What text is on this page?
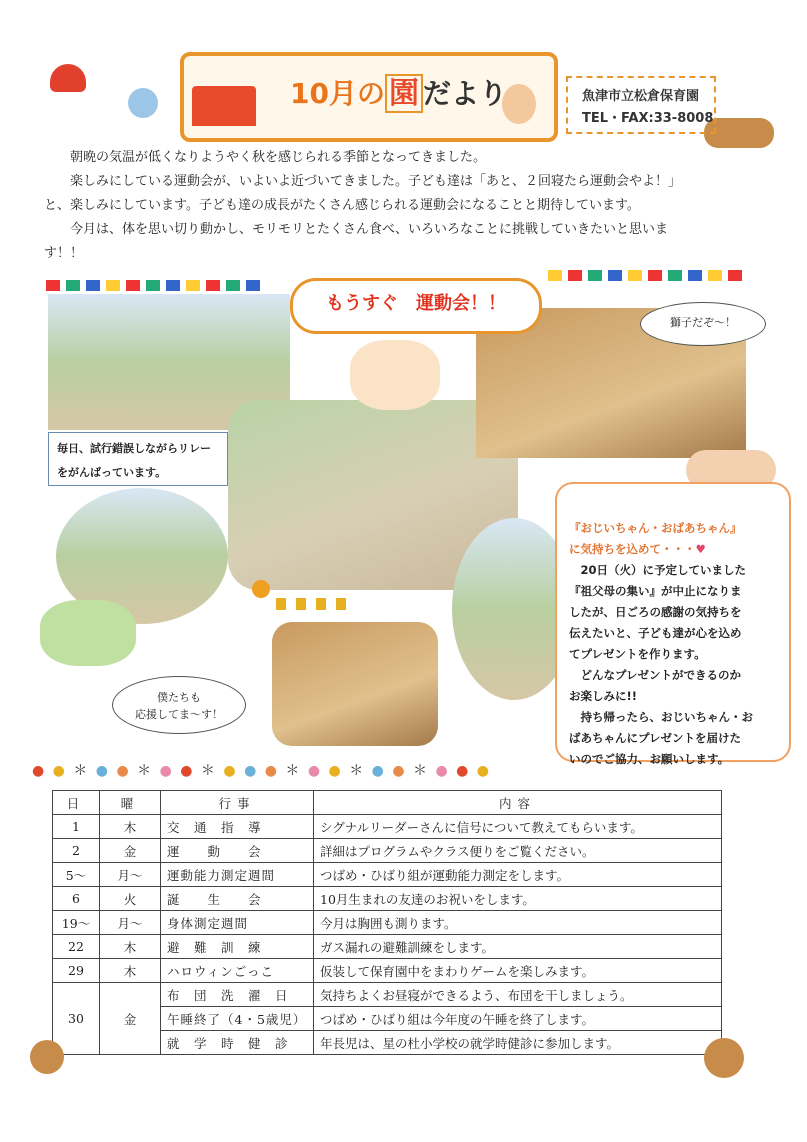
10月の 園 だより	魚津市立松倉保育園
TEL・FAX:33-8008

朝晩の気温が低くなりようやく秋を感じられる季節となってきました。

楽しみにしている運動会が、いよいよ近づいてきました。子ども達は「あと、２回寝たら運動会やよ！」

と、楽しみにしています。子ども達の成長がたくさん感じられる運動会になることと期待しています。

今月は、体を思い切り動かし、モリモリとたくさん食べ、いろいろなことに挑戦していきたいと思いま

す！！

毎日、試行錯誤しながらリレー
をがんばっています。
もうすぐ　運動会！！
獅子だぞ〜！
僕たちも
応援してま〜す！

『おじいちゃん・おばあちゃん』

に気持ちを込めて・・・♥

　20日（火）に予定していました

『祖父母の集い』が中止になりま

したが、日ごろの感謝の気持ちを

伝えたいと、子ども達が心を込め

てプレゼントを作ります。

　どんなプレゼントができるのか

お楽しみに!!

　持ち帰ったら、おじいちゃん・お

ばあちゃんにプレゼントを届けた

いのでご協力、お願いします。

● ● ＊ ● ● ＊ ● ● ＊ ● ● ● ＊ ● ● ＊ ● ● ＊ ● ● ●
日	曜	行事	内容
1	木	交　通　指　導	シグナルリーダーさんに信号について教えてもらいます。
2	金	運　　動　　会	詳細はプログラムやクラス便りをご覧ください。
5〜	月〜	運動能力測定週間	つばめ・ひばり組が運動能力測定をします。
6	火	誕　　生　　会	10月生まれの友達のお祝いをします。
19〜	月〜	身体測定週間	今月は胸囲も測ります。
22	木	避　難　訓　練	ガス漏れの避難訓練をします。
29	木	ハロウィンごっこ	仮装して保育園中をまわりゲームを楽しみます。
30	金	布　団　洗　濯　日	気持ちよくお昼寝ができるよう、布団を干しましょう。
		午睡終了（4・5歳児）	つばめ・ひばり組は今年度の午睡を終了します。
		就　学　時　健　診	年長児は、星の杜小学校の就学時健診に参加します。
